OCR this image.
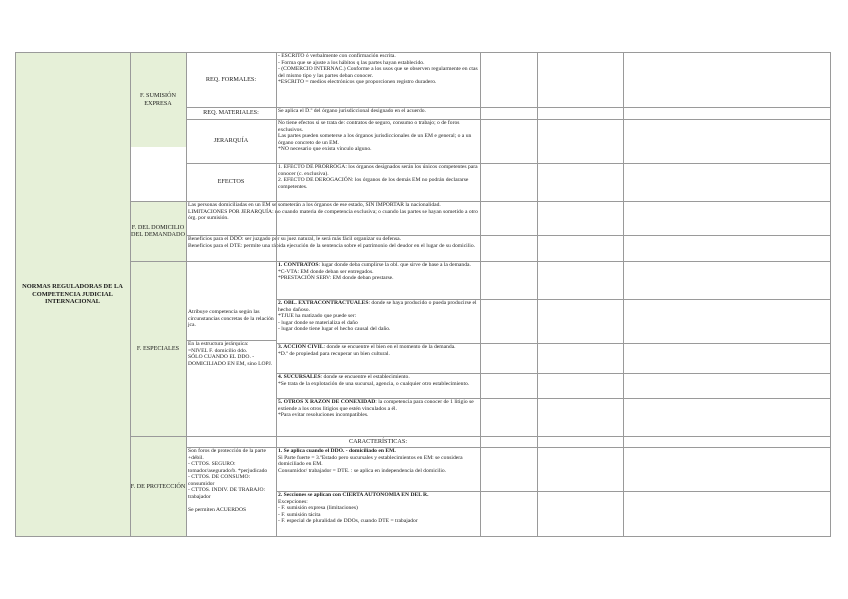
NORMAS REGULADORAS DE LA COMPETENCIA JUDICIAL INTERNACIONAL
F. SUMISIÓN EXPRESA
F. DEL DOMICILIO DEL DEMANDADO
F. ESPECIALES
F. DE PROTECCIÓN
REQ. FORMALES:
- ESCRITO ó verbalmente con confirmación escrita.
- Forma que se ajuste a los hábitos q las partes hayan establecido.
- (COMERCIO INTERNAC.) Conforme a los usos que se observen regularmente en ctas del mismo tipo y las partes deban conocer.
*ESCRITO = medios electrónicos que proporcionen registro duradero.
REQ. MATERIALES:	Se aplica el D.º del órgano jurisdiccional designado en el acuerdo.
JERARQUÍA
No tiene efectos si se trata de: contratos de seguro, consumo o trabajo; o de foros exclusivos.
Las partes pueden someterse a los órganos jurisdiccionales de un EM e general; o a un órgano concreto de un EM.
*NO necesario que exista vínculo alguno.
EFECTOS
1. EFECTO DE PRÓRROGA: los órganos designados serán los únicos competentes para conocer (c. exclusiva).
2. EFECTO DE DEROGACIÓN: los órganos de los demás EM no podrán declararse competentes.
Las personas domiciliadas en un EM se someterán a los órganos de ese estado, SIN IMPORTAR la nacionalidad.
LIMITACIONES POR JERARQUÍA: no cuando materia de competencia exclusiva; o cuando las partes se hayan sometido a otro órg. por sumisión.
Beneficios para el DDO: ser juzgado su juez natural, le será más fácil organizar su defensa.
Beneficios para el DTE: permite una rápida ejecución de la sentencia sobre el patrimonio del deudor en el lugar de su domicilio.
Atribuye competencia según las circunstancias concretas de la relación jca.
En la estructura jerárquica:
=NIVEL F. domicilio ddo.
SÓLO CUANDO EL DDO. - DOMICILIADO EN EM, sino LOPJ.
1. CONTRATOS: lugar donde deba cumplirse la obl. que sirve de base a la demanda.
*C-VTA: EM donde deban ser entregados.
*PRESTACIÓN SERV: EM donde deban prestarse.
2. OBL. EXTRACONTRACTUALES: donde se haya producido o pueda producirse el hecho dañoso.
*TJUE ha matizado que puede ser:
- lugar donde se materializa el daño
- lugar donde tiene lugar el hecho causal del daño.
3. ACCIÓN CIVIL: donde se encuentre el bien en el momento de la demanda.
*D.º de propiedad para recuperar un bien cultural.
4. SUCURSALES: donde se encuentre el establecimiento.
*Se trata de la explotación de una sucursal, agencia, o cualquier otro establecimiento.
5. OTROS X RAZÓN DE CONEXIDAD: la competencia para conocer de 1 litigio se extiende a los otros litigios que estén vinculados a él.
*Para evitar resoluciones incompatibles.
CARACTERÍSTICAS:
Son foros de protección de la parte +débil.
- CTTOS. SEGURO: tomador/asegurado/b. *perjudicado
- CTTOS. DE CONSUMO: consumidor
- CTTOS. INDIV. DE TRABAJO: trabajador

Se permiten ACUERDOS
1. Se aplica cuando el DDO. - domiciliado en EM.
Si Parte fuerte = 3.ºEstado pero sucursales y establecimientos en EM: se considera domiciliado en EM.
Consumidor/ trabajador = DTE. : se aplica en independencia del domicilio.
2. Secciones se aplican con CIERTA AUTONOMÍA EN DEL R.
Excepciones:
- F. sumisión expresa (limitaciones)
- F. sumisión tácita
- F. especial de pluralidad de DDOs, cuando DTE = trabajador
